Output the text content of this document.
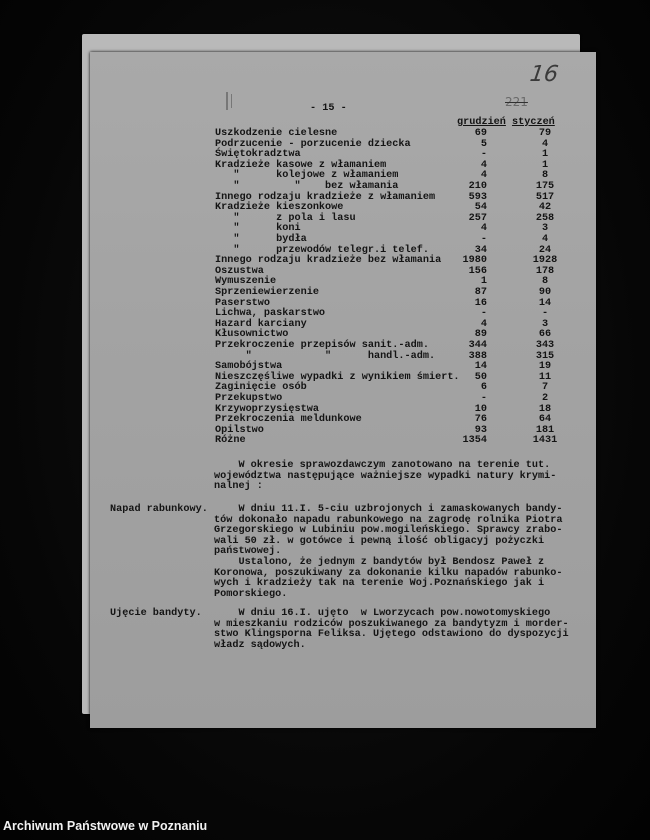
16
221
- 15 -
grudzień styczeń
Uszkodzenie cielesne	69	79
Podrzucenie - porzucenie dziecka	5	4
Świętokradztwa	-	1
Kradzieże kasowe z włamaniem	4	1
"      kolejowe z włamaniem	4	8
"         "    bez włamania	210	175
Innego rodzaju kradzieże z włamaniem	593	517
Kradzieże kieszonkowe	54	42
"      z pola i lasu	257	258
"      koni	4	3
"      bydła	-	4
"      przewodów telegr.i telef.	34	24
Innego rodzaju kradzieże bez włamania 1980	1928
Oszustwa	156	178
Wymuszenie	1	8
Sprzeniewierzenie	87	90
Paserstwo	16	14
Lichwa, paskarstwo	-	-
Hazard karciany	4	3
Kłusownictwo	89	66
Przekroczenie przepisów sanit.-adm.	344	343
"            "      handl.-adm.	388	315
Samobójstwa	14	19
Nieszczęśliwe wypadki z wynikiem śmiert. 50	11
Zaginięcie osób	6	7
Przekupstwo	-	2
Krzywoprzysięstwa	10	18
Przekroczenia meldunkowe	76	64
Opilstwo	93	181
Różne	1354	1431
W okresie sprawozdawczym zanotowano na terenie tut.
województwa następujące ważniejsze wypadki natury krymi-
nalnej :
Napad rabunkowy. W dniu 11.I. 5-ciu uzbrojonych i zamaskowanych bandy-
tów dokonało napadu rabunkowego na zagrodę rolnika Piotra
Grzegorskiego w Lubiniu pow.mogileńskiego. Sprawcy zrabo-
wali 50 zł. w gotówce i pewną ilość obligacyj pożyczki
państwowej.
Ustalono, że jednym z bandytów był Bendosz Paweł z
Koronowa, poszukiwany za dokonanie kilku napadów rabunko-
wych i kradzieży tak na terenie Woj.Poznańskiego jak i
Pomorskiego.
Ujęcie bandyty. W dniu 16.I. ujęto  w Lworzycach pow.nowotomyskiego
w mieszkaniu rodziców poszukiwanego za bandytyzm i morder-
stwo Klingsporna Feliksa. Ujętego odstawiono do dyspozycji
władz sądowych.
Archiwum Państwowe w Poznaniu
